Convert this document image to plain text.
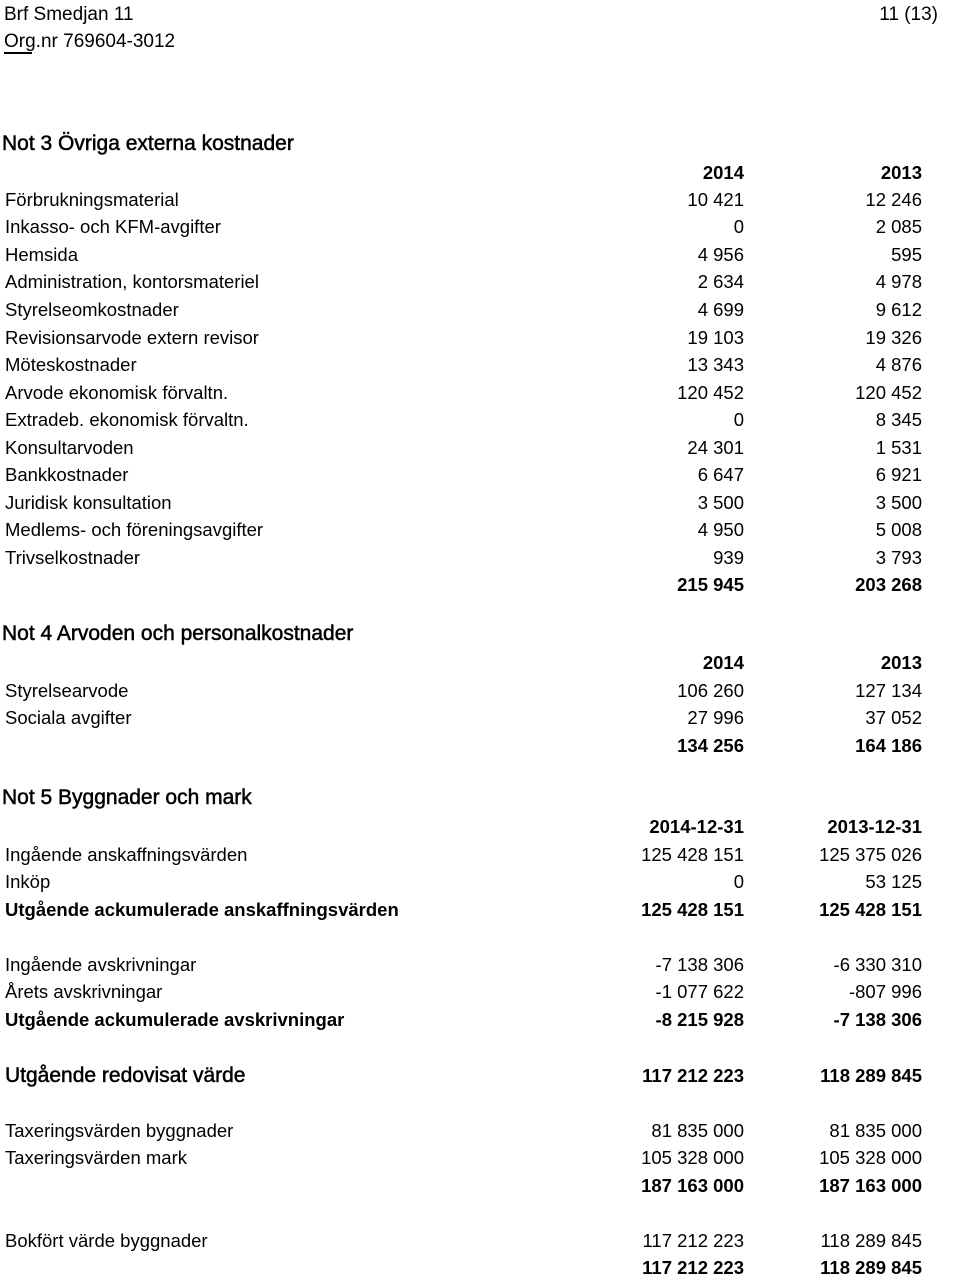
Brf Smedjan 11	11 (13)
Org.nr 769604-3012
Not 3 Övriga externa kostnader
2014	2013
Förbrukningsmaterial	10 421	12 246
Inkasso- och KFM-avgifter	0	2 085
Hemsida	4 956	595
Administration, kontorsmateriel	2 634	4 978
Styrelseomkostnader	4 699	9 612
Revisionsarvode extern revisor	19 103	19 326
Möteskostnader	13 343	4 876
Arvode ekonomisk förvaltn.	120 452	120 452
Extradeb. ekonomisk förvaltn.	0	8 345
Konsultarvoden	24 301	1 531
Bankkostnader	6 647	6 921
Juridisk konsultation	3 500	3 500
Medlems- och föreningsavgifter	4 950	5 008
Trivselkostnader	939	3 793
215 945	203 268
Not 4 Arvoden och personalkostnader
2014	2013
Styrelsearvode	106 260	127 134
Sociala avgifter	27 996	37 052
134 256	164 186
Not 5 Byggnader och mark
2014-12-31	2013-12-31
Ingående anskaffningsvärden	125 428 151	125 375 026
Inköp	0	53 125
Utgående ackumulerade anskaffningsvärden	125 428 151	125 428 151
Ingående avskrivningar	-7 138 306	-6 330 310
Årets avskrivningar	-1 077 622	-807 996
Utgående ackumulerade avskrivningar	-8 215 928	-7 138 306
Utgående redovisat värde	117 212 223	118 289 845
Taxeringsvärden byggnader	81 835 000	81 835 000
Taxeringsvärden mark	105 328 000	105 328 000
187 163 000	187 163 000
Bokfört värde byggnader	117 212 223	118 289 845
117 212 223	118 289 845
